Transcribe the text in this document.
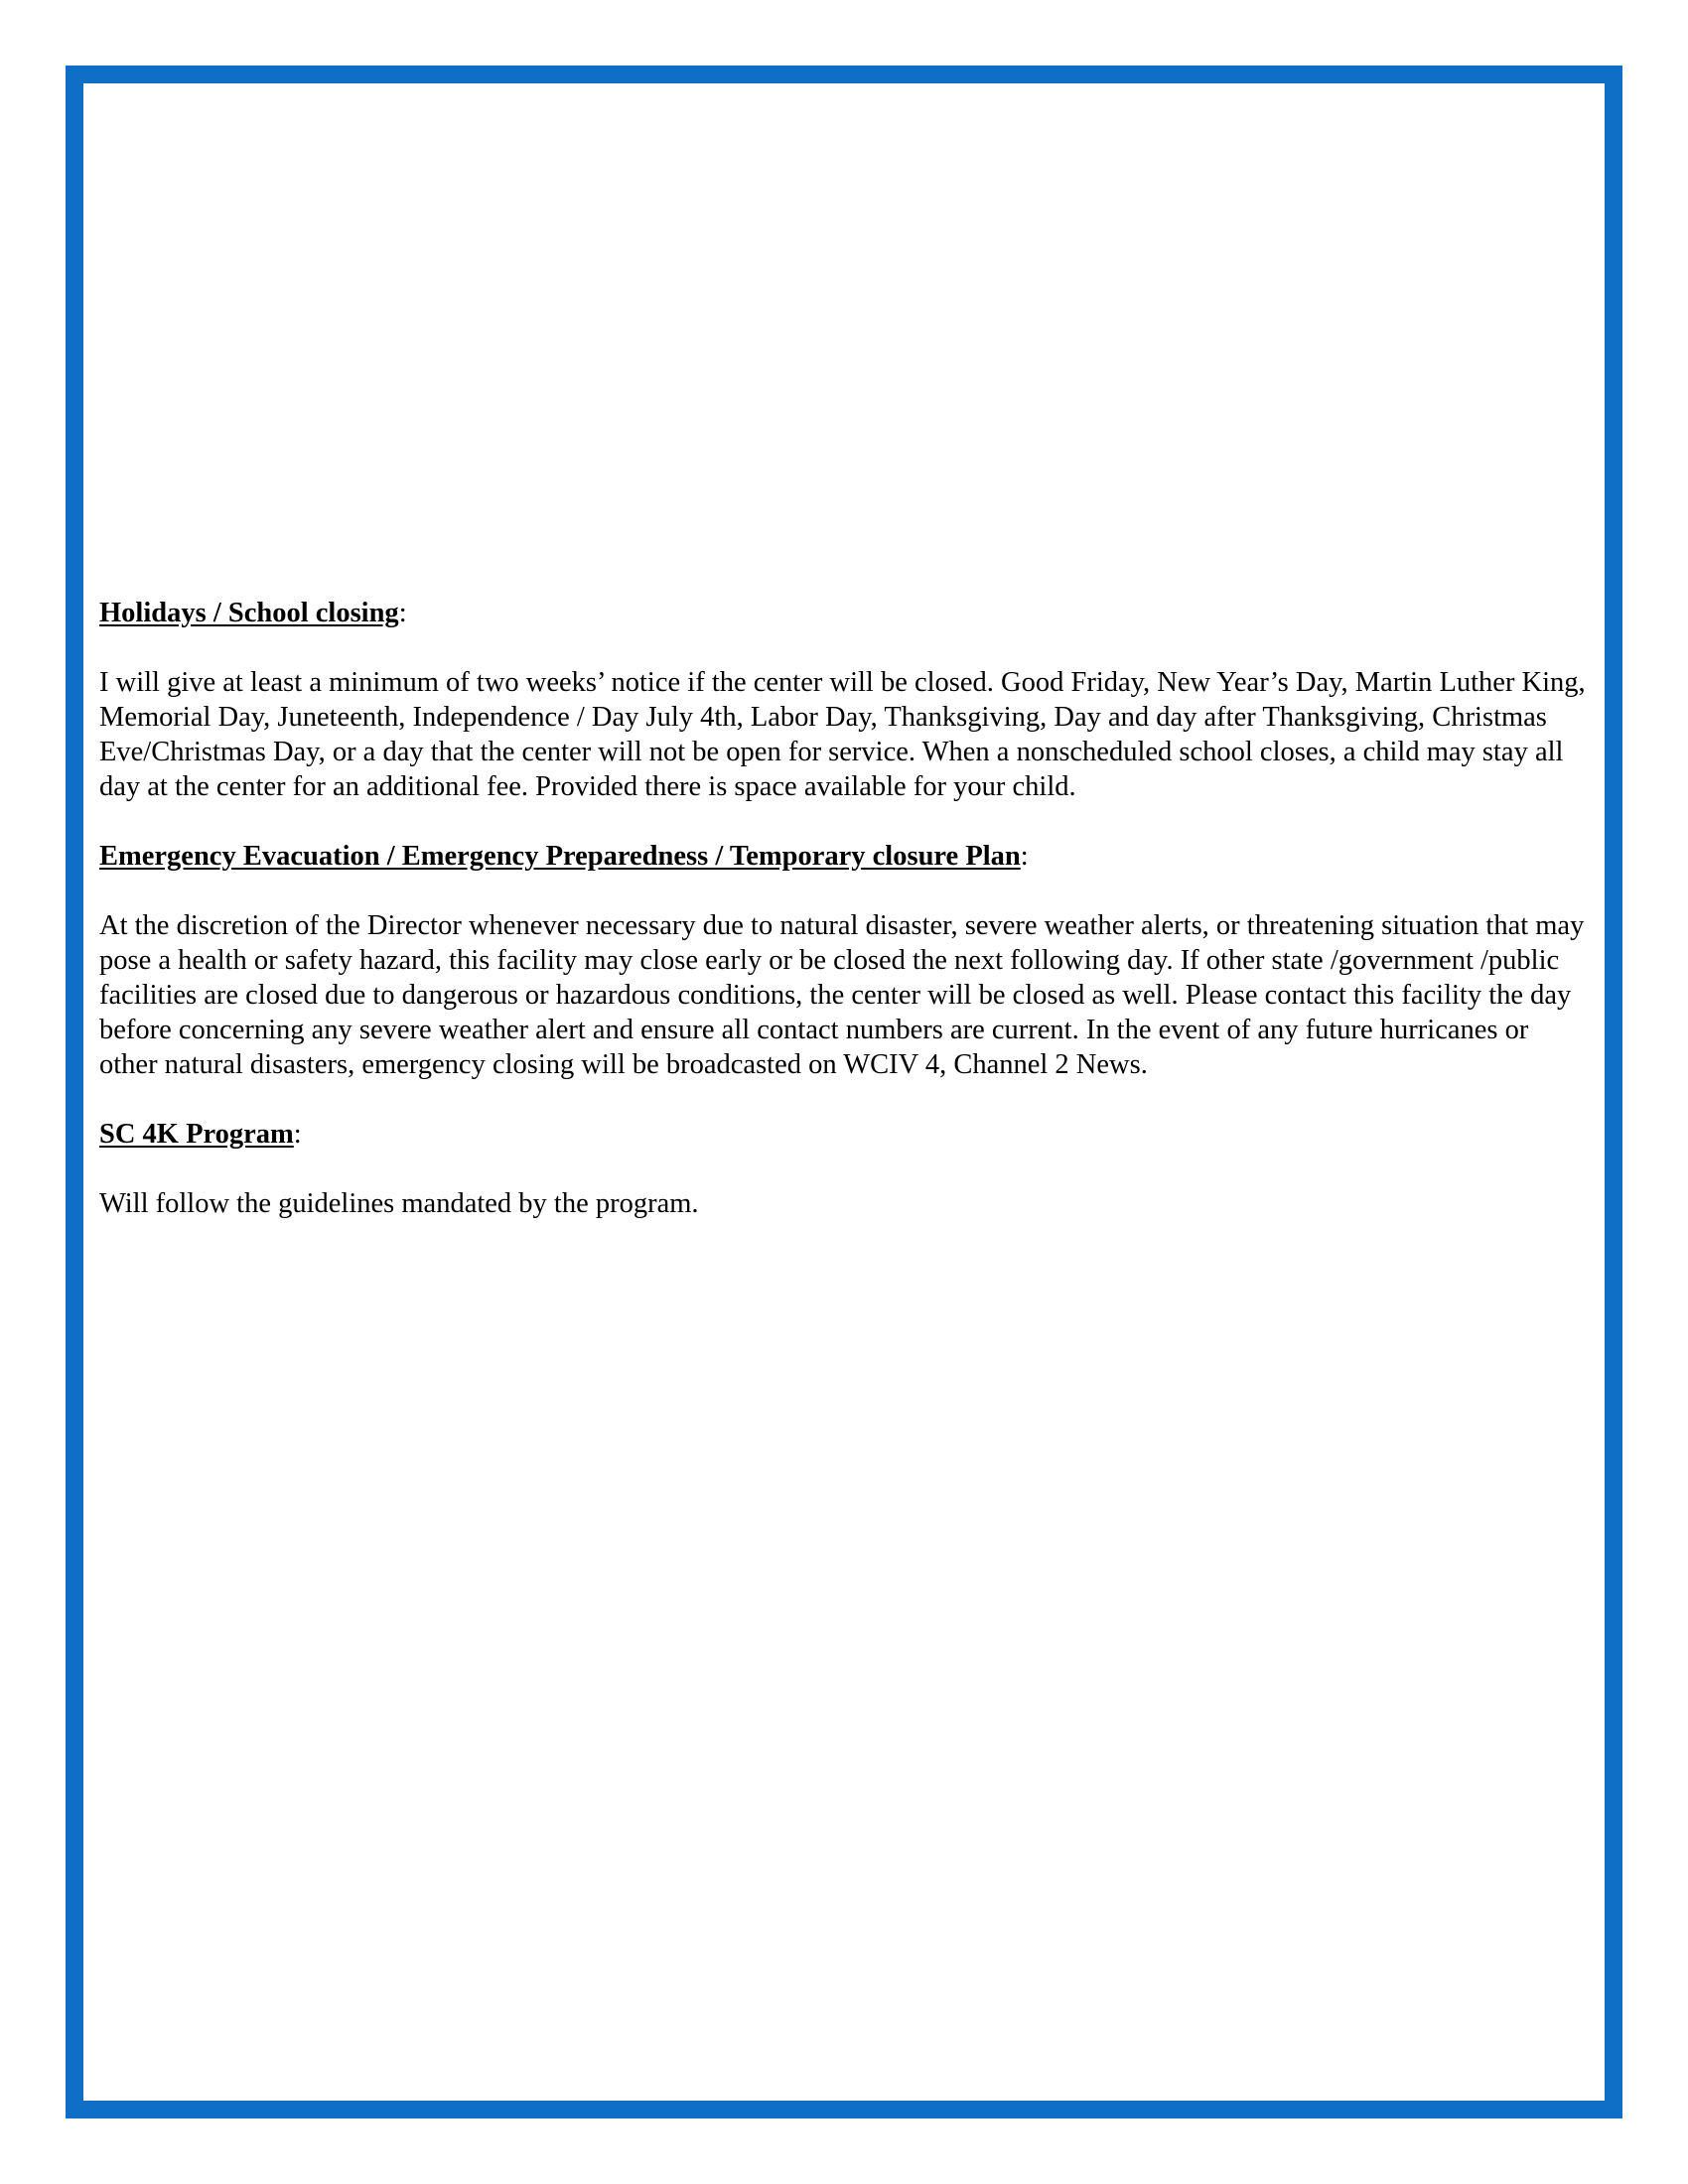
Holidays / School closing:

I will give at least a minimum of two weeks’ notice if the center will be closed. Good Friday, New Year’s Day, Martin Luther King, Memorial Day, Juneteenth, Independence / Day July 4th, Labor Day, Thanksgiving, Day and day after Thanksgiving, Christmas Eve/Christmas Day, or a day that the center will not be open for service. When a nonscheduled school closes, a child may stay all day at the center for an additional fee. Provided there is space available for your child.

Emergency Evacuation / Emergency Preparedness / Temporary closure Plan:

At the discretion of the Director whenever necessary due to natural disaster, severe weather alerts, or threatening situation that may pose a health or safety hazard, this facility may close early or be closed the next following day. If other state /government /public facilities are closed due to dangerous or hazardous conditions, the center will be closed as well. Please contact this facility the day before concerning any severe weather alert and ensure all contact numbers are current. In the event of any future hurricanes or other natural disasters, emergency closing will be broadcasted on WCIV 4, Channel 2 News.

SC 4K Program:

Will follow the guidelines mandated by the program.
